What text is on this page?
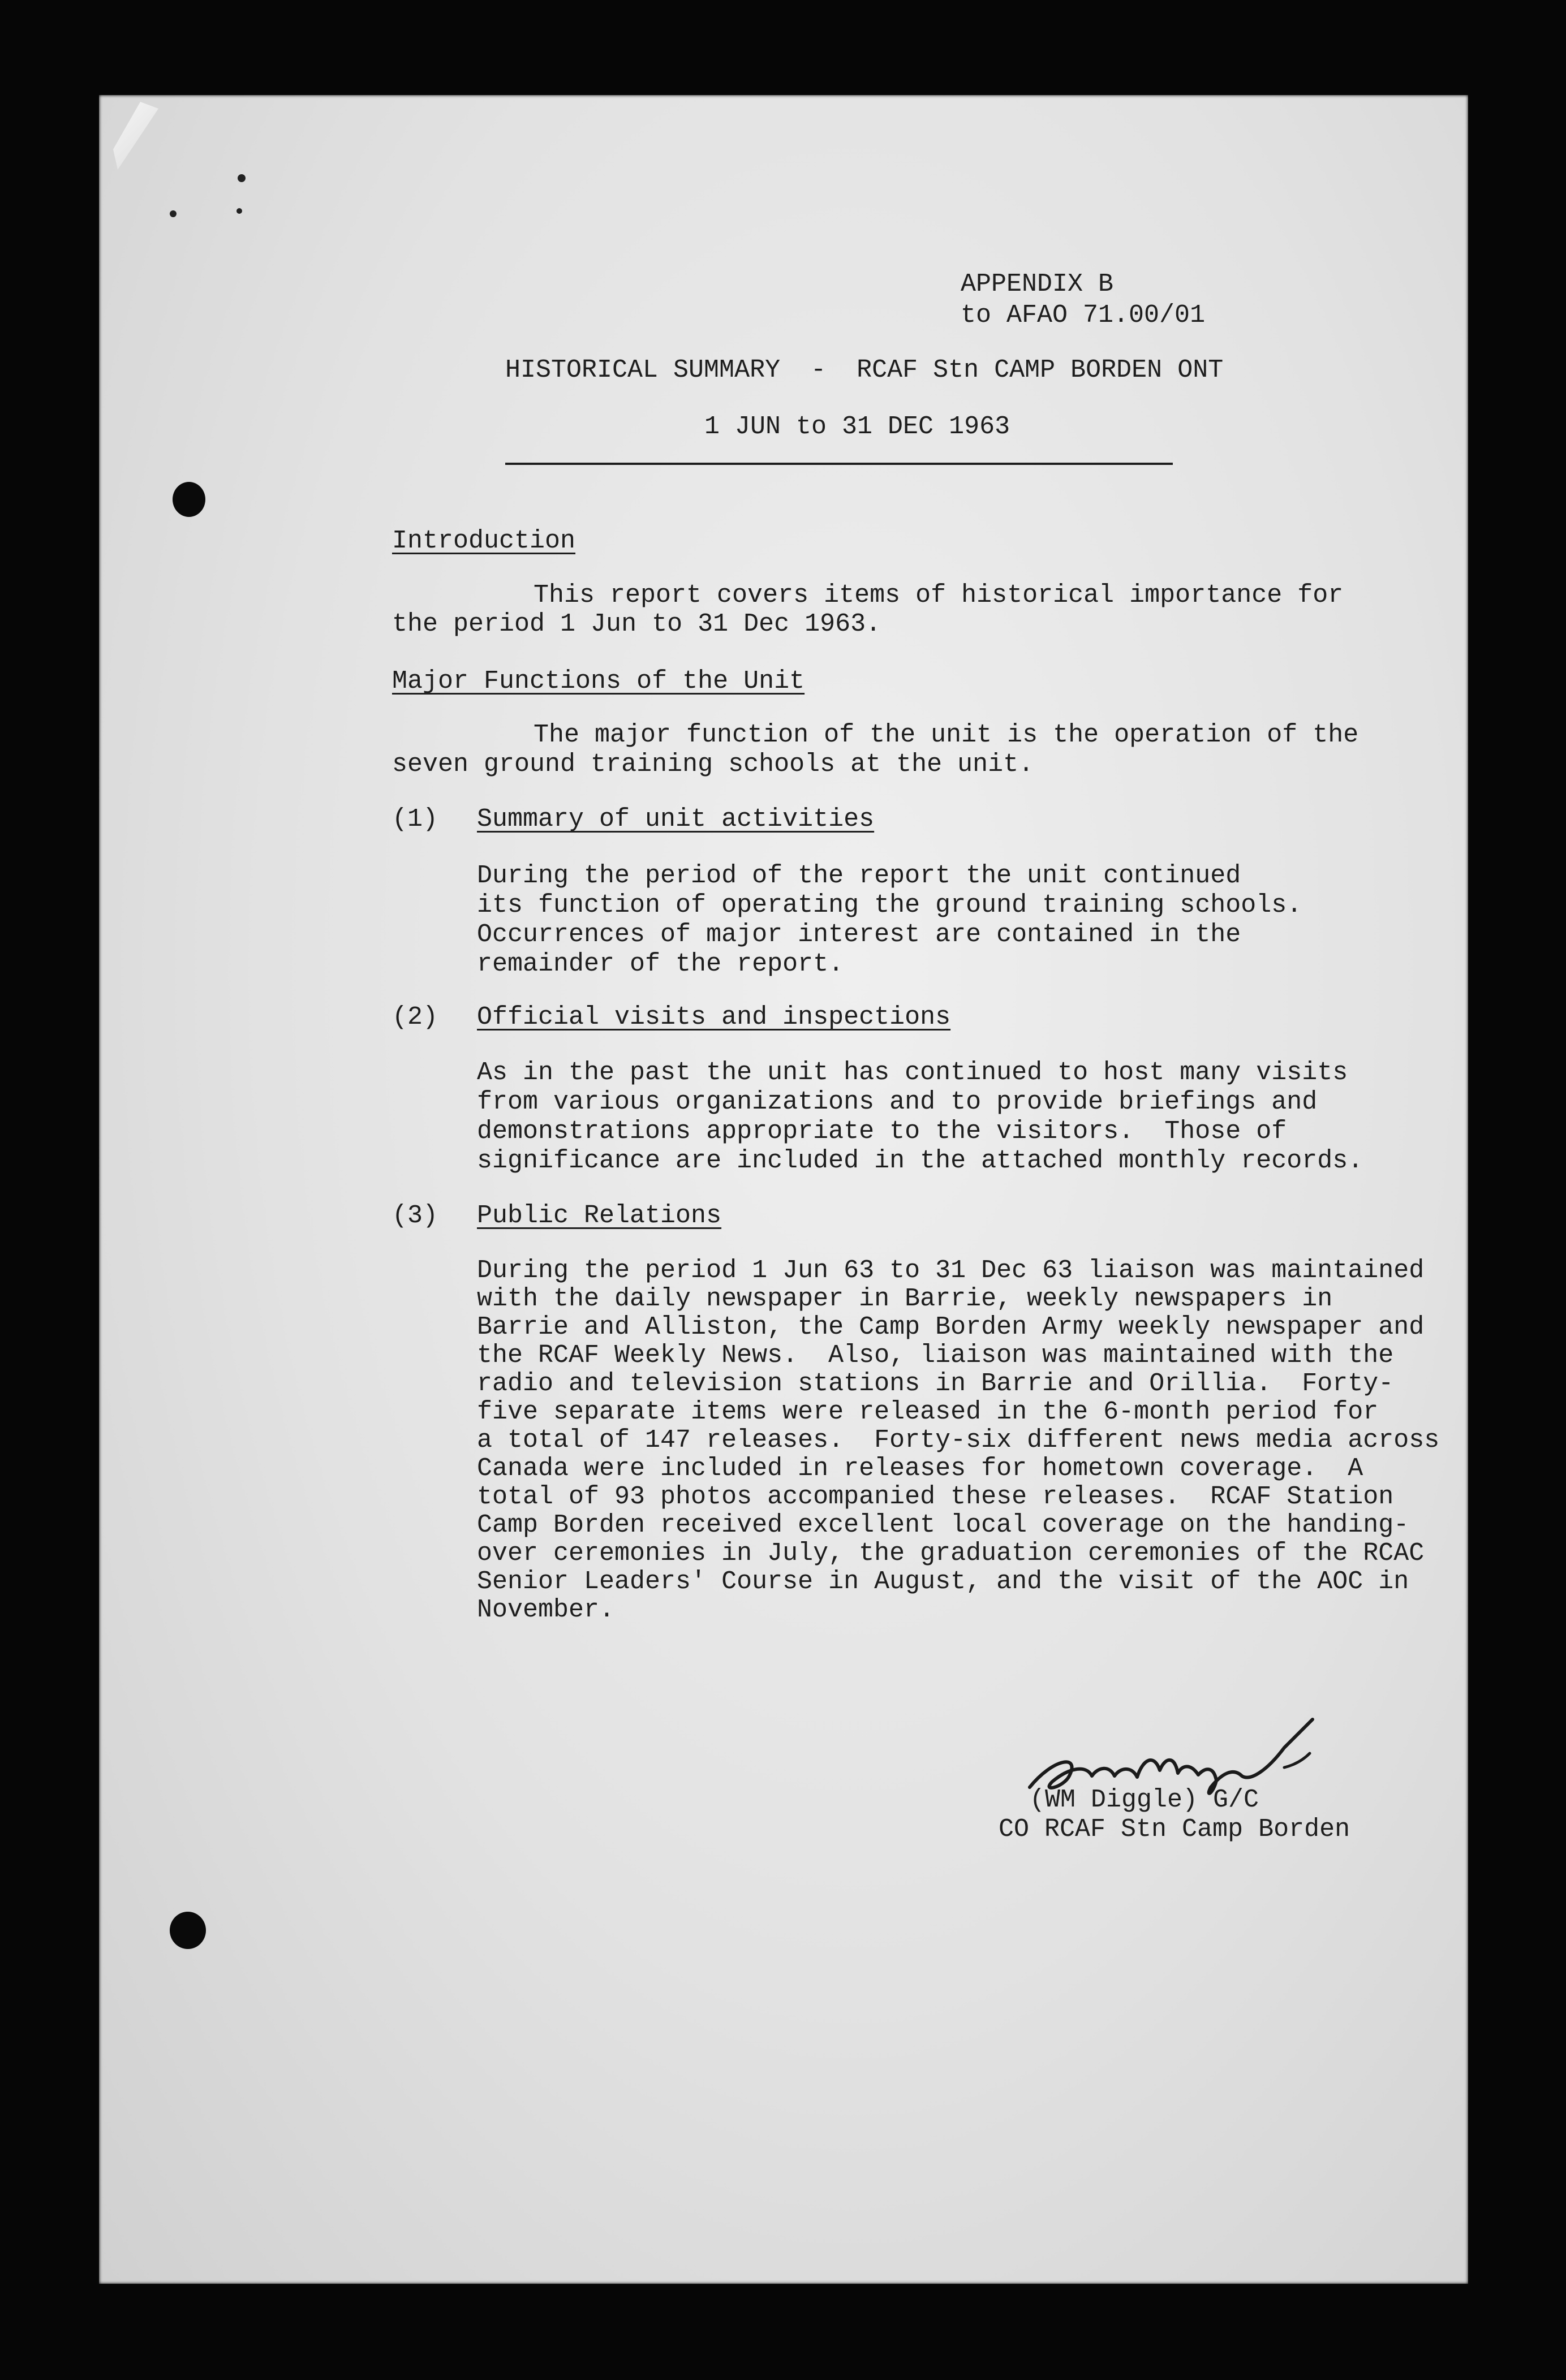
APPENDIX B
to AFAO 71.00/01
HISTORICAL SUMMARY  -  RCAF Stn CAMP BORDEN ONT
1 JUN to 31 DEC 1963
Introduction
This report covers items of historical importance for
the period 1 Jun to 31 Dec 1963.
Major Functions of the Unit
The major function of the unit is the operation of the
seven ground training schools at the unit.
(1) Summary of unit activities
During the period of the report the unit continued
its function of operating the ground training schools.
Occurrences of major interest are contained in the
remainder of the report.
(2) Official visits and inspections
As in the past the unit has continued to host many visits
from various organizations and to provide briefings and
demonstrations appropriate to the visitors.  Those of
significance are included in the attached monthly records.
(3) Public Relations
During the period 1 Jun 63 to 31 Dec 63 liaison was maintained
with the daily newspaper in Barrie, weekly newspapers in
Barrie and Alliston, the Camp Borden Army weekly newspaper and
the RCAF Weekly News.  Also, liaison was maintained with the
radio and television stations in Barrie and Orillia.  Forty-
five separate items were released in the 6-month period for
a total of 147 releases.  Forty-six different news media across
Canada were included in releases for hometown coverage.  A
total of 93 photos accompanied these releases.  RCAF Station
Camp Borden received excellent local coverage on the handing-
over ceremonies in July, the graduation ceremonies of the RCAC
Senior Leaders' Course in August, and the visit of the AOC in
November.
(WM Diggle) G/C
CO RCAF Stn Camp Borden
